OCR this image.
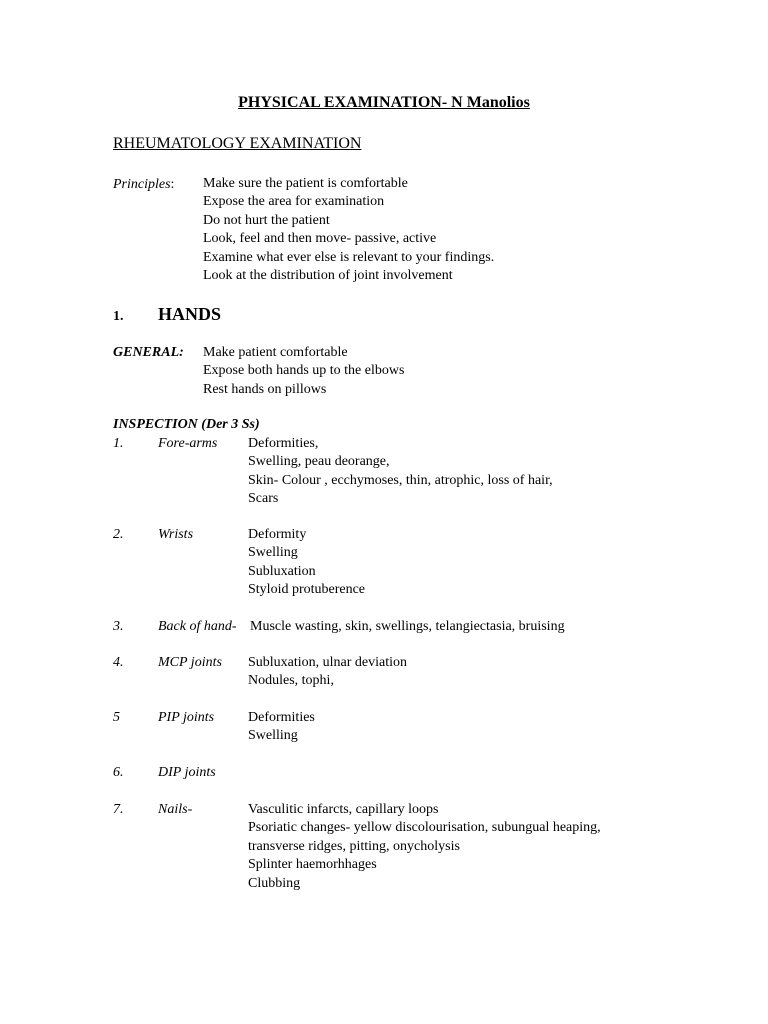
PHYSICAL EXAMINATION- N Manolios
RHEUMATOLOGY EXAMINATION
Principles: Make sure the patient is comfortable
Expose the area for examination
Do not hurt the patient
Look, feel and then move- passive, active
Examine what ever else is relevant to your findings.
Look at the distribution of joint involvement
1. HANDS
GENERAL: Make patient comfortable
Expose both hands up to the elbows
Rest hands on pillows
INSPECTION (Der 3 Ss)
1. Fore-arms Deformities,
Swelling, peau deorange,
Skin- Colour , ecchymoses, thin, atrophic, loss of hair,
Scars
2. Wrists	Deformity
Swelling
Subluxation
Styloid protuberence
3. Back of hand- Muscle wasting, skin, swellings, telangiectasia, bruising
4. MCP joints Subluxation, ulnar deviation
Nodules, tophi,
5	PIP joints Deformities
Swelling
6. DIP joints
7. Nails-	Vasculitic infarcts, capillary loops
Psoriatic changes- yellow discolourisation, subungual heaping,
transverse ridges, pitting, onycholysis
Splinter haemorhhages
Clubbing
